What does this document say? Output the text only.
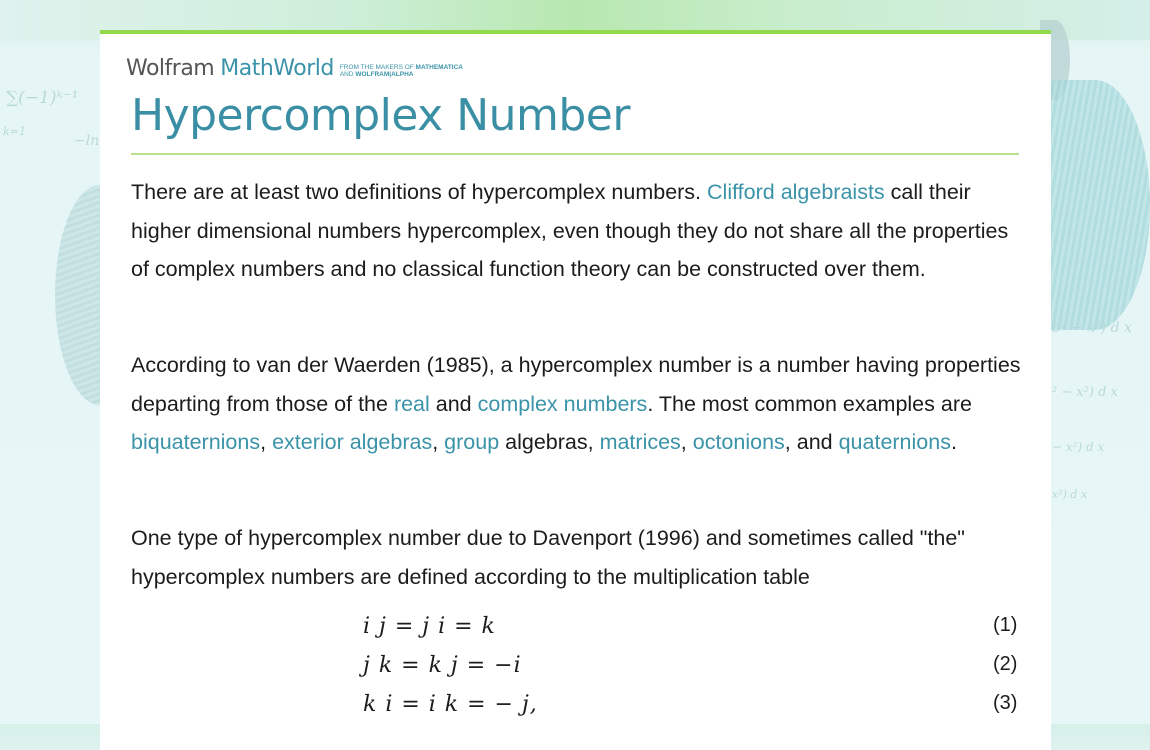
∑(−1)ᵏ⁻¹
k=1
−ln
b² − x²) d x
² − x²) d x
− x²) d x
x²) d x
Wolfram MathWorld FROM THE MAKERS OF MATHEMATICA
AND WOLFRAM|ALPHA
Hypercomplex Number

There are at least two definitions of hypercomplex numbers. Clifford algebraists call their higher dimensional numbers hypercomplex, even though they do not share all the properties of complex numbers and no classical function theory can be constructed over them.

According to van der Waerden (1985), a hypercomplex number is a number having properties departing from those of the real and complex numbers. The most common examples are biquaternions, exterior algebras, group algebras, matrices, octonions, and quaternions.

One type of hypercomplex number due to Davenport (1996) and sometimes called "the" hypercomplex numbers are defined according to the multiplication table

i j = j i = k	(1)
j k = k j = −i	(2)
k i = i k = − j,	(3)
